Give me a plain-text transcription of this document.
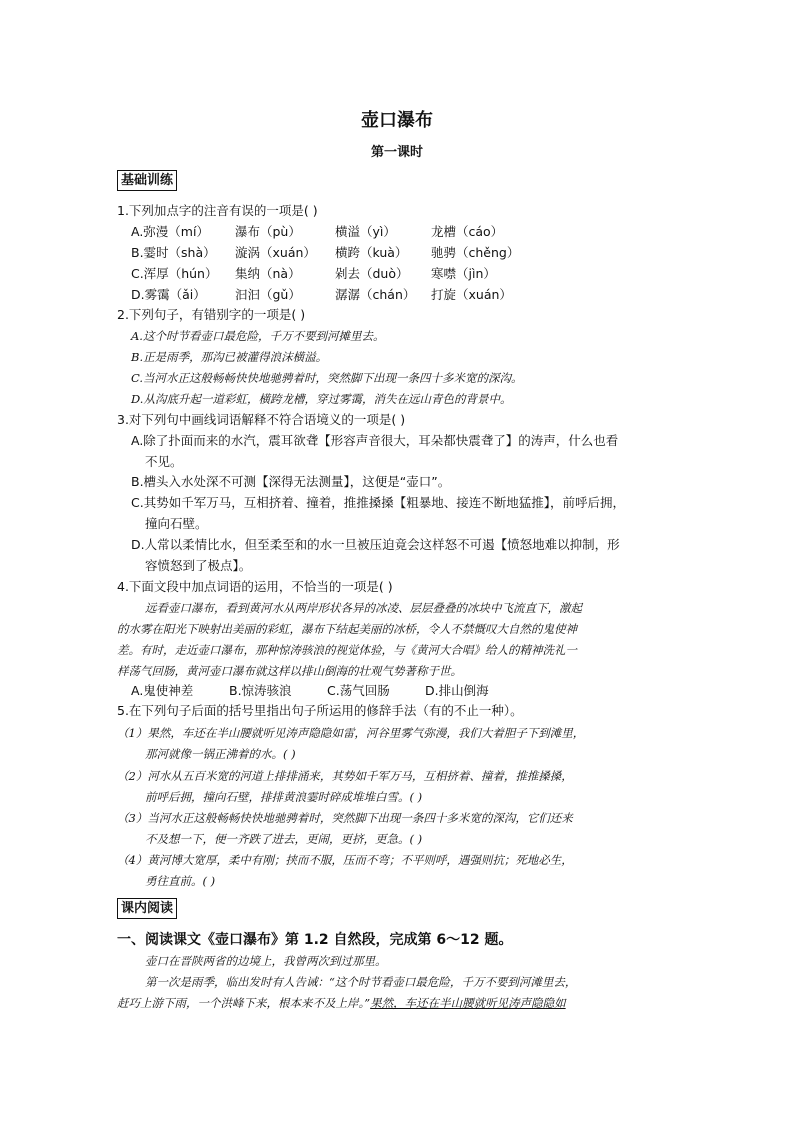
壶口瀑布
第一课时
基础训练
1.下列加点字的注音有误的一项是( )
A.弥漫（mí） 瀑布（pù）	横溢（yì）	龙槽（cáo）
B.霎时（shà） 漩涡（xuán） 横跨（kuà） 驰骋（chěng）
C.浑厚（hún） 集纳（nà）	剁去（duò） 寒噤（jìn）
D.雾霭（ǎi） 汩汩（gǔ）	潺潺（chán） 打旋（xuán）
2.下列句子，有错别字的一项是( )
A.这个时节看壶口最危险，千万不要到河摊里去。
B.正是雨季，那沟已被灌得浪沫横溢。
C.当河水正这般畅畅快快地驰骋着时，突然脚下出现一条四十多米宽的深沟。
D.从沟底升起一道彩虹，横跨龙槽，穿过雾霭，消失在远山青色的背景中。
3.对下列句中画线词语解释不符合语境义的一项是( )
A.除了扑面而来的水汽，震耳欲聋【形容声音很大，耳朵都快震聋了】的涛声，什么也看
不见。
B.槽头入水处深不可测【深得无法测量】，这便是“壶口”。
C.其势如千军万马，互相挤着、撞着，推推搡搡【粗暴地、接连不断地猛推】，前呼后拥，
撞向石壁。
D.人常以柔情比水，但至柔至和的水一旦被压迫竟会这样怒不可遏【愤怒地难以抑制，形
容愤怒到了极点】。
4.下面文段中加点词语的运用，不恰当的一项是( )
远看壶口瀑布，看到黄河水从两岸形状各异的冰凌、层层叠叠的冰块中飞流直下，激起
的水雾在阳光下映射出美丽的彩虹，瀑布下结起美丽的冰桥，令人不禁慨叹大自然的鬼使神
差。有时，走近壶口瀑布，那种惊涛骇浪的视觉体验，与《黄河大合唱》给人的精神洗礼一
样荡气回肠，黄河壶口瀑布就这样以排山倒海的壮观气势著称于世。
A.鬼使神差	B.惊涛骇浪	C.荡气回肠	D.排山倒海
5.在下列句子后面的括号里指出句子所运用的修辞手法（有的不止一种）。
（1）果然，车还在半山腰就听见涛声隐隐如雷，河谷里雾气弥漫，我们大着胆子下到滩里，
那河就像一锅正沸着的水。( )
（2）河水从五百米宽的河道上排排涌来，其势如千军万马，互相挤着、撞着，推推搡搡，
前呼后拥，撞向石壁，排排黄浪霎时碎成堆堆白雪。( )
（3）当河水正这般畅畅快快地驰骋着时，突然脚下出现一条四十多米宽的深沟，它们还来
不及想一下，便一齐跌了进去，更闹，更挤，更急。( )
（4）黄河博大宽厚，柔中有刚；挟而不服，压而不弯；不平则呼，遇强则抗；死地必生，
勇往直前。( )
课内阅读
一、阅读课文《壶口瀑布》第 1.2 自然段，完成第 6～12 题。
壶口在晋陕两省的边境上，我曾两次到过那里。
第一次是雨季，临出发时有人告诫：“这个时节看壶口最危险，千万不要到河滩里去，
赶巧上游下雨，一个洪峰下来，根本来不及上岸。”果然，车还在半山腰就听见涛声隐隐如
